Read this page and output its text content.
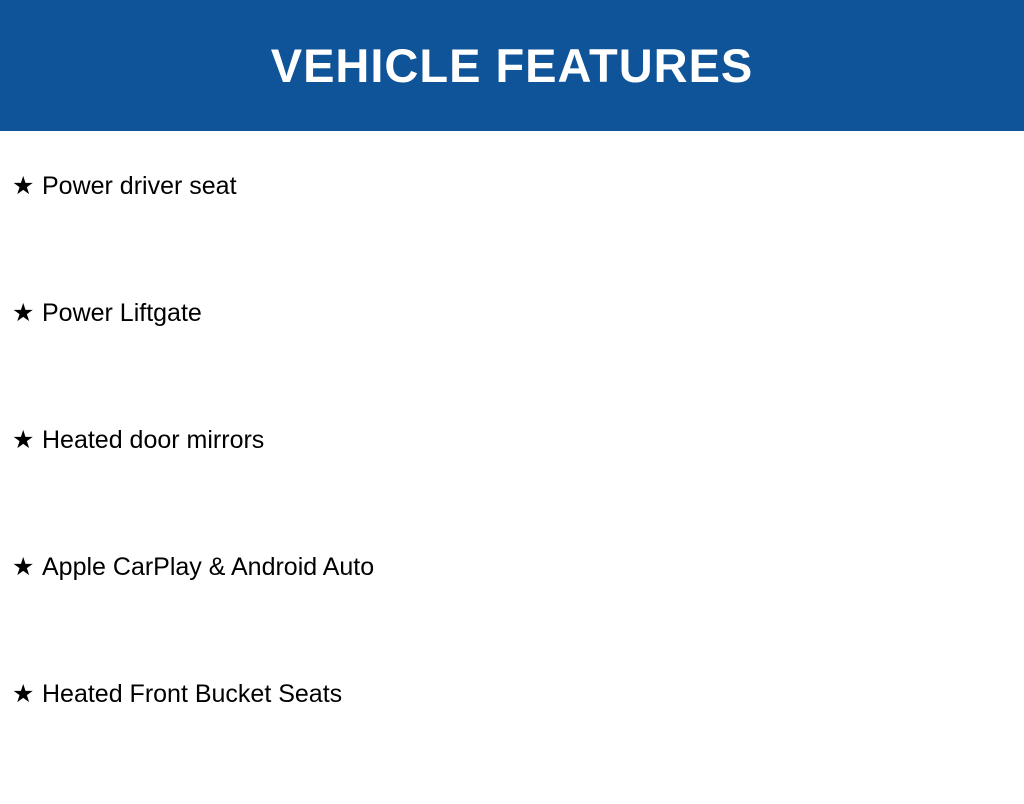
VEHICLE FEATURES
★ Power driver seat
★ Power Liftgate
★ Heated door mirrors
★ Apple CarPlay & Android Auto
★ Heated Front Bucket Seats
